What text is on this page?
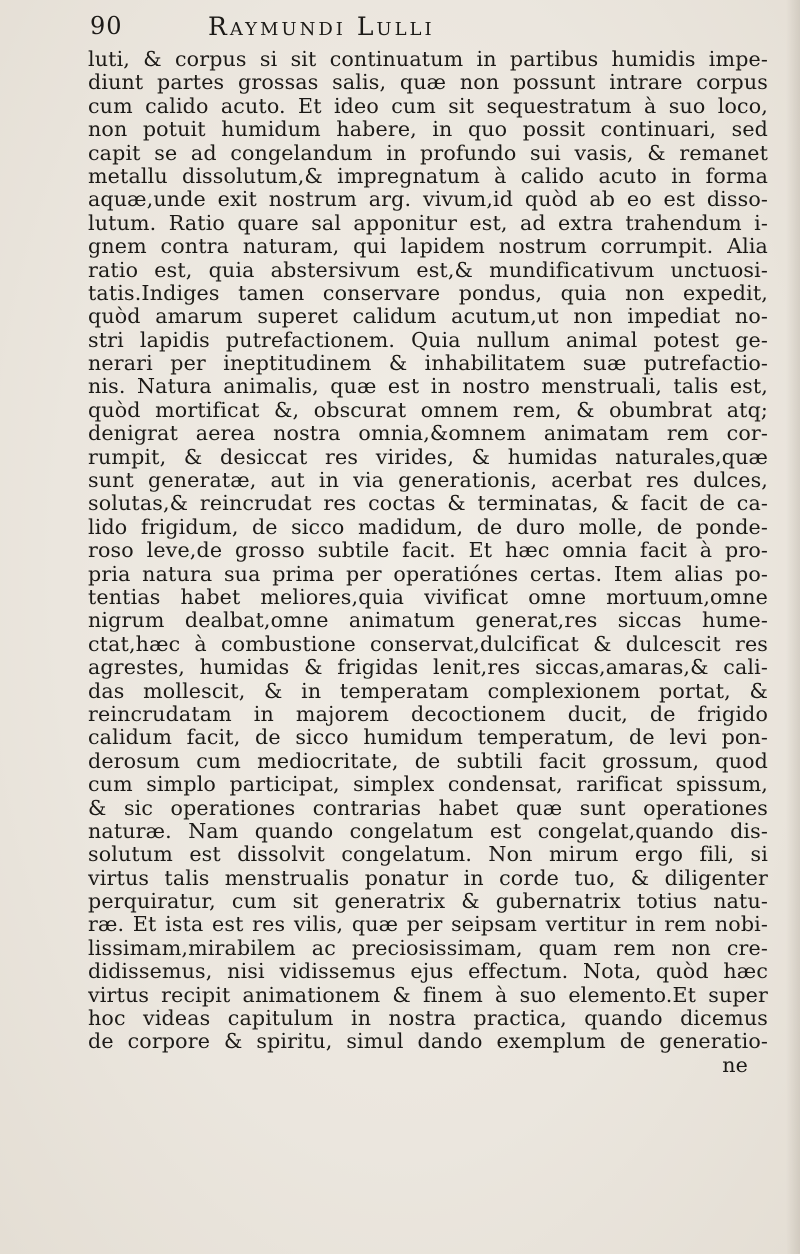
90	Raymundi Lulli
luti, & corpus si sit continuatum in partibus humidis impe-
diunt partes grossas salis, quæ non possunt intrare corpus
cum calido acuto. Et ideo cum sit sequestratum à suo loco,
non potuit humidum habere, in quo possit continuari, sed
capit se ad congelandum in profundo sui vasis, & remanet
metallu dissolutum,& impregnatum à calido acuto in forma
aquæ,unde exit nostrum arg. vivum,id quòd ab eo est disso-
lutum. Ratio quare sal apponitur est, ad extra trahendum i-
gnem contra naturam, qui lapidem nostrum corrumpit. Alia
ratio est, quia abstersivum est,& mundificativum unctuosi-
tatis.Indiges tamen conservare pondus, quia non expedit,
quòd amarum superet calidum acutum,ut non impediat no-
stri lapidis putrefactionem. Quia nullum animal potest ge-
nerari per ineptitudinem & inhabilitatem suæ putrefactio-
nis. Natura animalis, quæ est in nostro menstruali, talis est,
quòd mortificat &, obscurat omnem rem, & obumbrat atq;
denigrat aerea nostra omnia,&omnem animatam rem cor-
rumpit, & desiccat res virides, & humidas naturales,quæ
sunt generatæ, aut in via generationis, acerbat res dulces,
solutas,& reincrudat res coctas & terminatas, & facit de ca-
lido frigidum, de sicco madidum, de duro molle, de ponde-
roso leve,de grosso subtile facit. Et hæc omnia facit à pro-
pria natura sua prima per operatiónes certas. Item alias po-
tentias habet meliores,quia vivificat omne mortuum,omne
nigrum dealbat,omne animatum generat,res siccas humе-
ctat,hæc à combustione conservat,dulcificat & dulcescit res
agrestes, humidas & frigidas lenit,res siccas,amaras,& cali-
das mollescit, & in temperatam complexionem portat, &
reincrudatam in majorem decoctionem ducit, de frigido
calidum facit, de sicco humidum temperatum, de levi pon-
derosum cum mediocritate, de subtili facit grossum, quod
cum simplo participat, simplex condensat, rarificat spissum,
& sic operationes contrarias habet quæ sunt operationes
naturæ. Nam quando congelatum est congelat,quando dis-
solutum est dissolvit congelatum. Non mirum ergo fili, si
virtus talis menstrualis ponatur in corde tuo, & diligenter
perquiratur, cum sit generatrix & gubernatrix totius natu-
ræ. Et ista est res vilis, quæ per seipsam vertitur in rem nobi-
lissimam,mirabilem ac preciosissimam, quam rem non cre-
didissemus, nisi vidissemus ejus effectum. Nota, quòd hæc
virtus recipit animationem & finem à suo elemento.Et super
hoc videas capitulum in nostra practica, quando dicemus
de corpore & spiritu, simul dando exemplum de generatio-
ne
